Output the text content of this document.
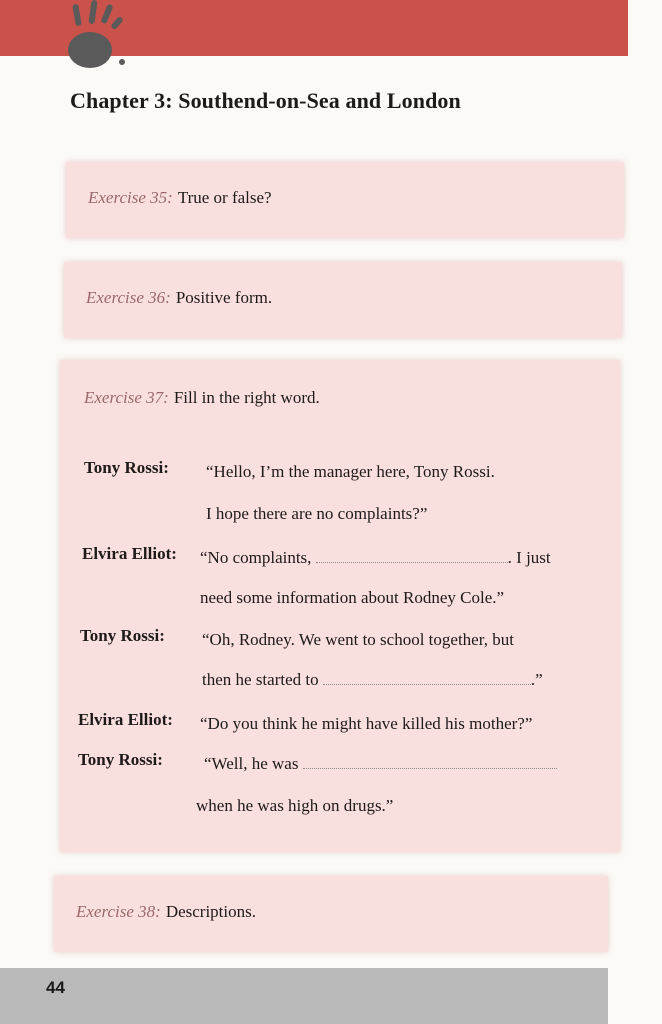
Chapter 3: Southend-on-Sea and London
Exercise 35: True or false?
Exercise 36: Positive form.
Exercise 37: Fill in the right word.
Tony Rossi: “Hello, I’m the manager here, Tony Rossi.
I hope there are no complaints?”
Elvira Elliot: “No complaints,	. I just
need some information about Rodney Cole.”
Tony Rossi: “Oh, Rodney. We went to school together, but
then he started to	.”
Elvira Elliot: “Do you think he might have killed his mother?”
Tony Rossi: “Well, he was
when he was high on drugs.”
Exercise 38: Descriptions.
44
